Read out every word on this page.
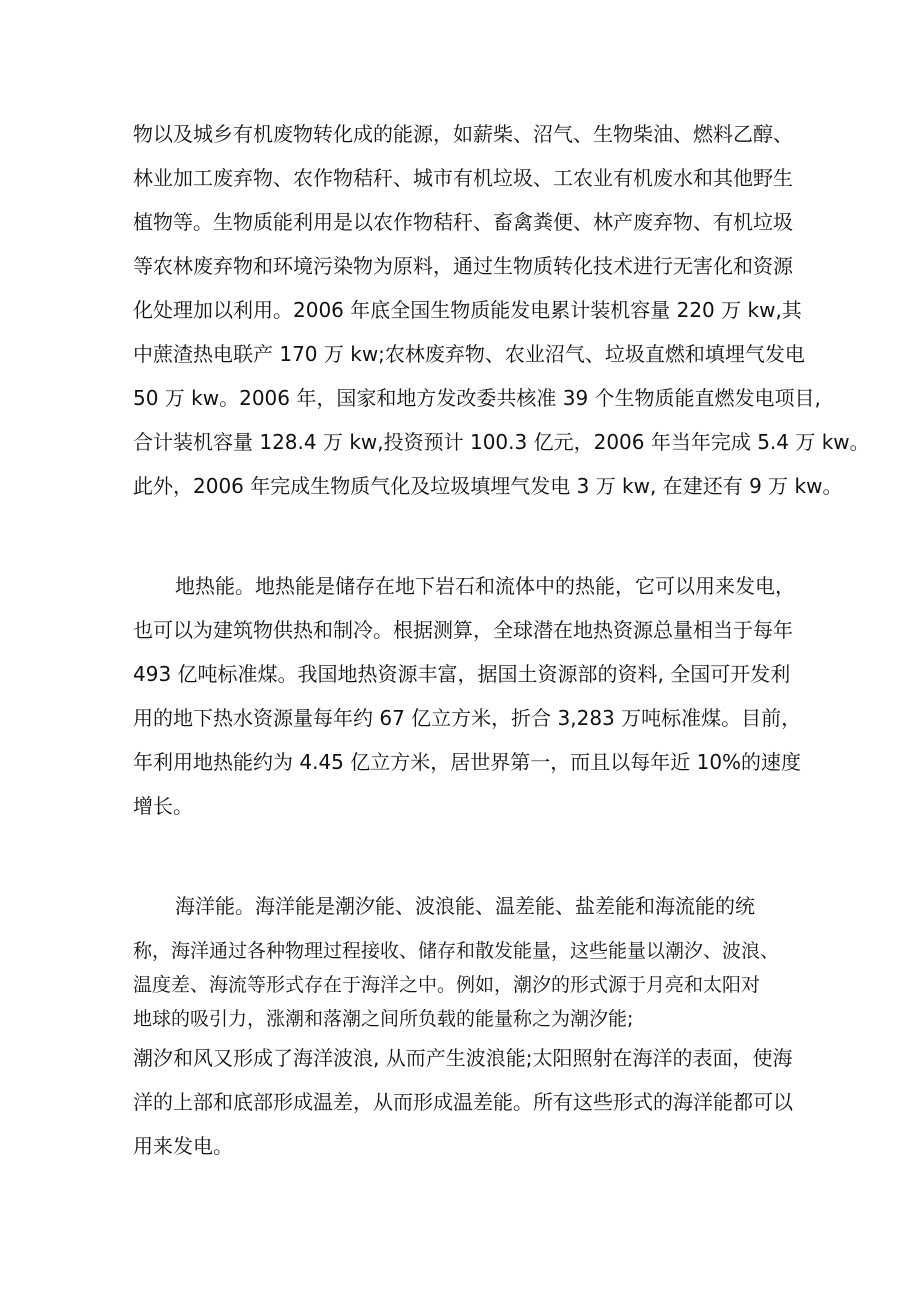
物以及城乡有机废物转化成的能源，如薪柴、沼气、生物柴油、燃料乙醇、
林业加工废弃物、农作物秸秆、城市有机垃圾、工农业有机废水和其他野生
植物等。生物质能利用是以农作物秸秆、畜禽粪便、林产废弃物、有机垃圾
等农林废弃物和环境污染物为原料，通过生物质转化技术进行无害化和资源
化处理加以利用。2006 年底全国生物质能发电累计装机容量 220 万 kw,其
中蔗渣热电联产 170 万 kw;农林废弃物、农业沼气、垃圾直燃和填埋气发电
50 万 kw。2006 年，国家和地方发改委共核准 39 个生物质能直燃发电项目,
合计装机容量 128.4 万 kw,投资预计 100.3 亿元，2006 年当年完成 5.4 万 kw。
此外，2006 年完成生物质气化及垃圾填埋气发电 3 万 kw, 在建还有 9 万 kw。
地热能。地热能是储存在地下岩石和流体中的热能，它可以用来发电，
也可以为建筑物供热和制冷。根据测算，全球潜在地热资源总量相当于每年
493 亿吨标准煤。我国地热资源丰富，据国土资源部的资料, 全国可开发利
用的地下热水资源量每年约 67 亿立方米，折合 3,283 万吨标准煤。目前，
年利用地热能约为 4.45 亿立方米，居世界第一，而且以每年近 10%的速度
增长。
海洋能。海洋能是潮汐能、波浪能、温差能、盐差能和海流能的统
称，海洋通过各种物理过程接收、储存和散发能量，这些能量以潮汐、波浪、
温度差、海流等形式存在于海洋之中。例如，潮汐的形式源于月亮和太阳对
地球的吸引力，涨潮和落潮之间所负载的能量称之为潮汐能;
潮汐和风又形成了海洋波浪, 从而产生波浪能;太阳照射在海洋的表面，使海
洋的上部和底部形成温差，从而形成温差能。所有这些形式的海洋能都可以
用来发电。
